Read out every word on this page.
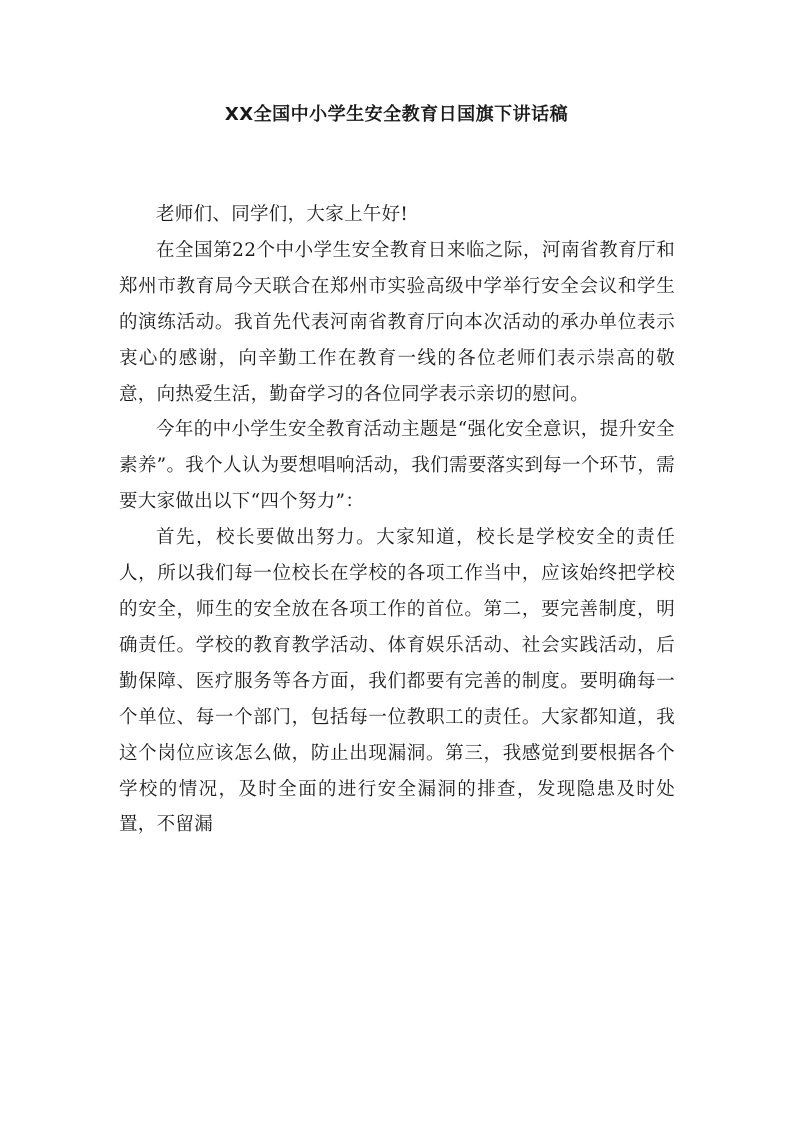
XX全国中小学生安全教育日国旗下讲话稿

老师们、同学们，大家上午好!

在全国第22个中小学生安全教育日来临之际，河南省教育厅和郑州市教育局今天联合在郑州市实验高级中学举行安全会议和学生的演练活动。我首先代表河南省教育厅向本次活动的承办单位表示衷心的感谢，向辛勤工作在教育一线的各位老师们表示崇高的敬意，向热爱生活，勤奋学习的各位同学表示亲切的慰问。

今年的中小学生安全教育活动主题是“强化安全意识，提升安全素养”。我个人认为要想唱响活动，我们需要落实到每一个环节，需要大家做出以下“四个努力”：

首先，校长要做出努力。大家知道，校长是学校安全的责任人，所以我们每一位校长在学校的各项工作当中，应该始终把学校的安全，师生的安全放在各项工作的首位。第二，要完善制度，明确责任。学校的教育教学活动、体育娱乐活动、社会实践活动，后勤保障、医疗服务等各方面，我们都要有完善的制度。要明确每一个单位、每一个部门，包括每一位教职工的责任。大家都知道，我这个岗位应该怎么做，防止出现漏洞。第三，我感觉到要根据各个学校的情况，及时全面的进行安全漏洞的排查，发现隐患及时处置，不留漏
